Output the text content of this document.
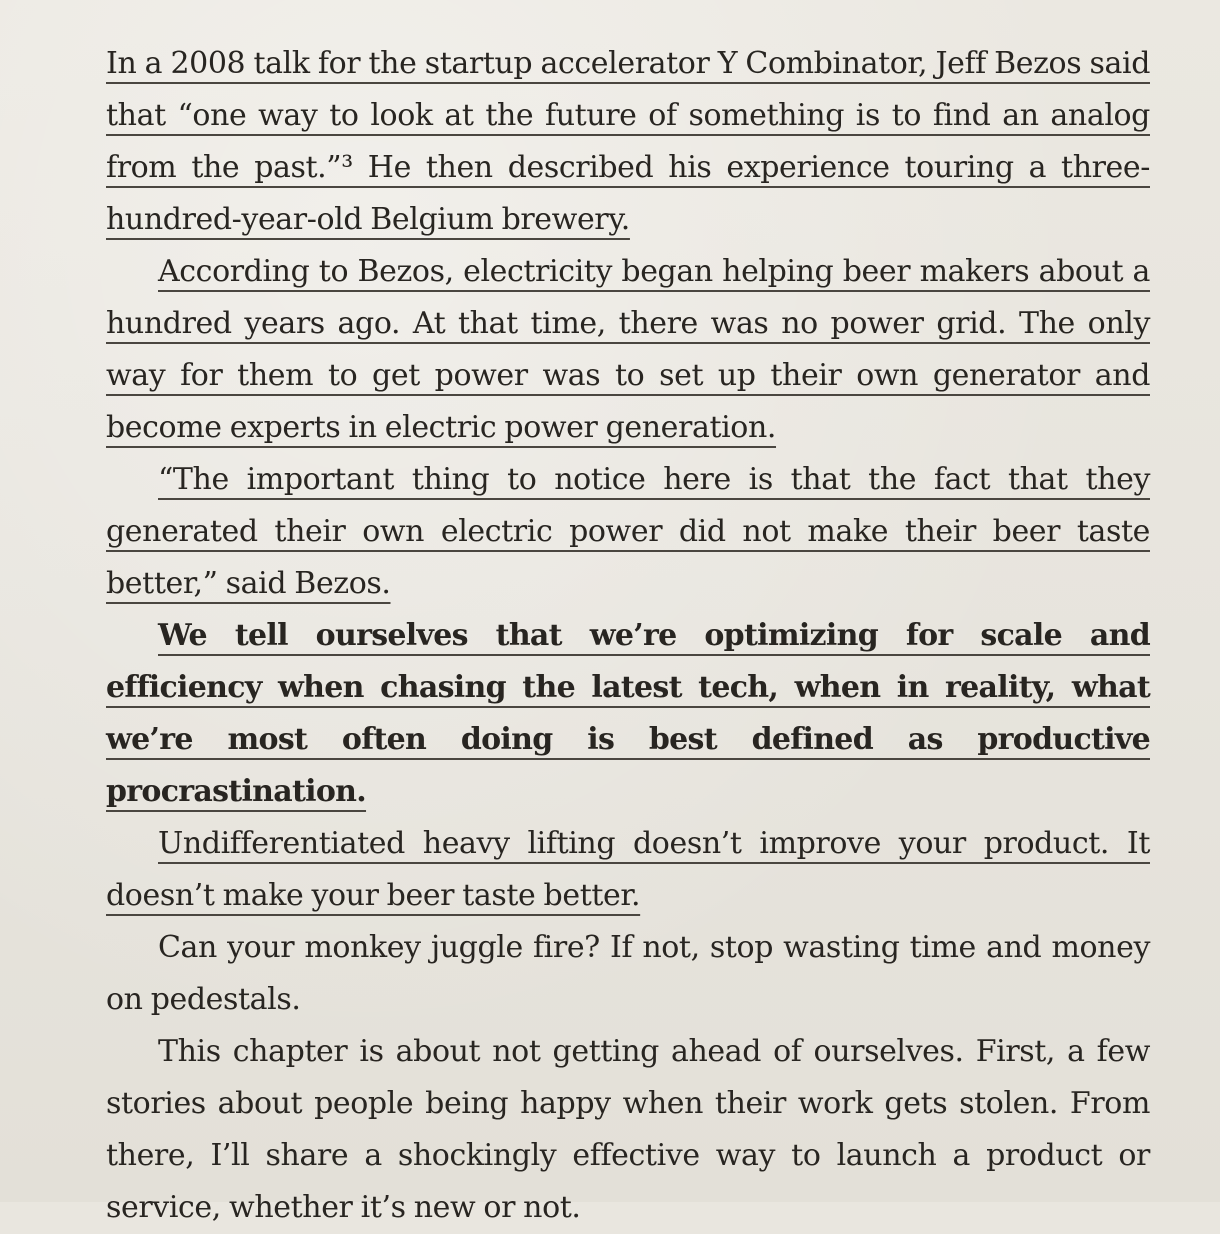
In a 2008 talk for the startup accelerator Y Combinator, Jeff Bezos said that “one way to look at the future of something is to find an analog from the past.”³ He then described his experience touring a three-hundred-year-old Belgium brewery.

According to Bezos, electricity began helping beer makers about a hundred years ago. At that time, there was no power grid. The only way for them to get power was to set up their own generator and become experts in electric power generation.

“The important thing to notice here is that the fact that they generated their own electric power did not make their beer taste better,” said Bezos.

We tell ourselves that we’re optimizing for scale and efficiency when chasing the latest tech, when in reality, what we’re most often doing is best defined as productive procrastination.

Undifferentiated heavy lifting doesn’t improve your product. It doesn’t make your beer taste better.

Can your monkey juggle fire? If not, stop wasting time and money on pedestals.

This chapter is about not getting ahead of ourselves. First, a few stories about people being happy when their work gets stolen. From there, I’ll share a shockingly effective way to launch a product or service, whether it’s new or not.
